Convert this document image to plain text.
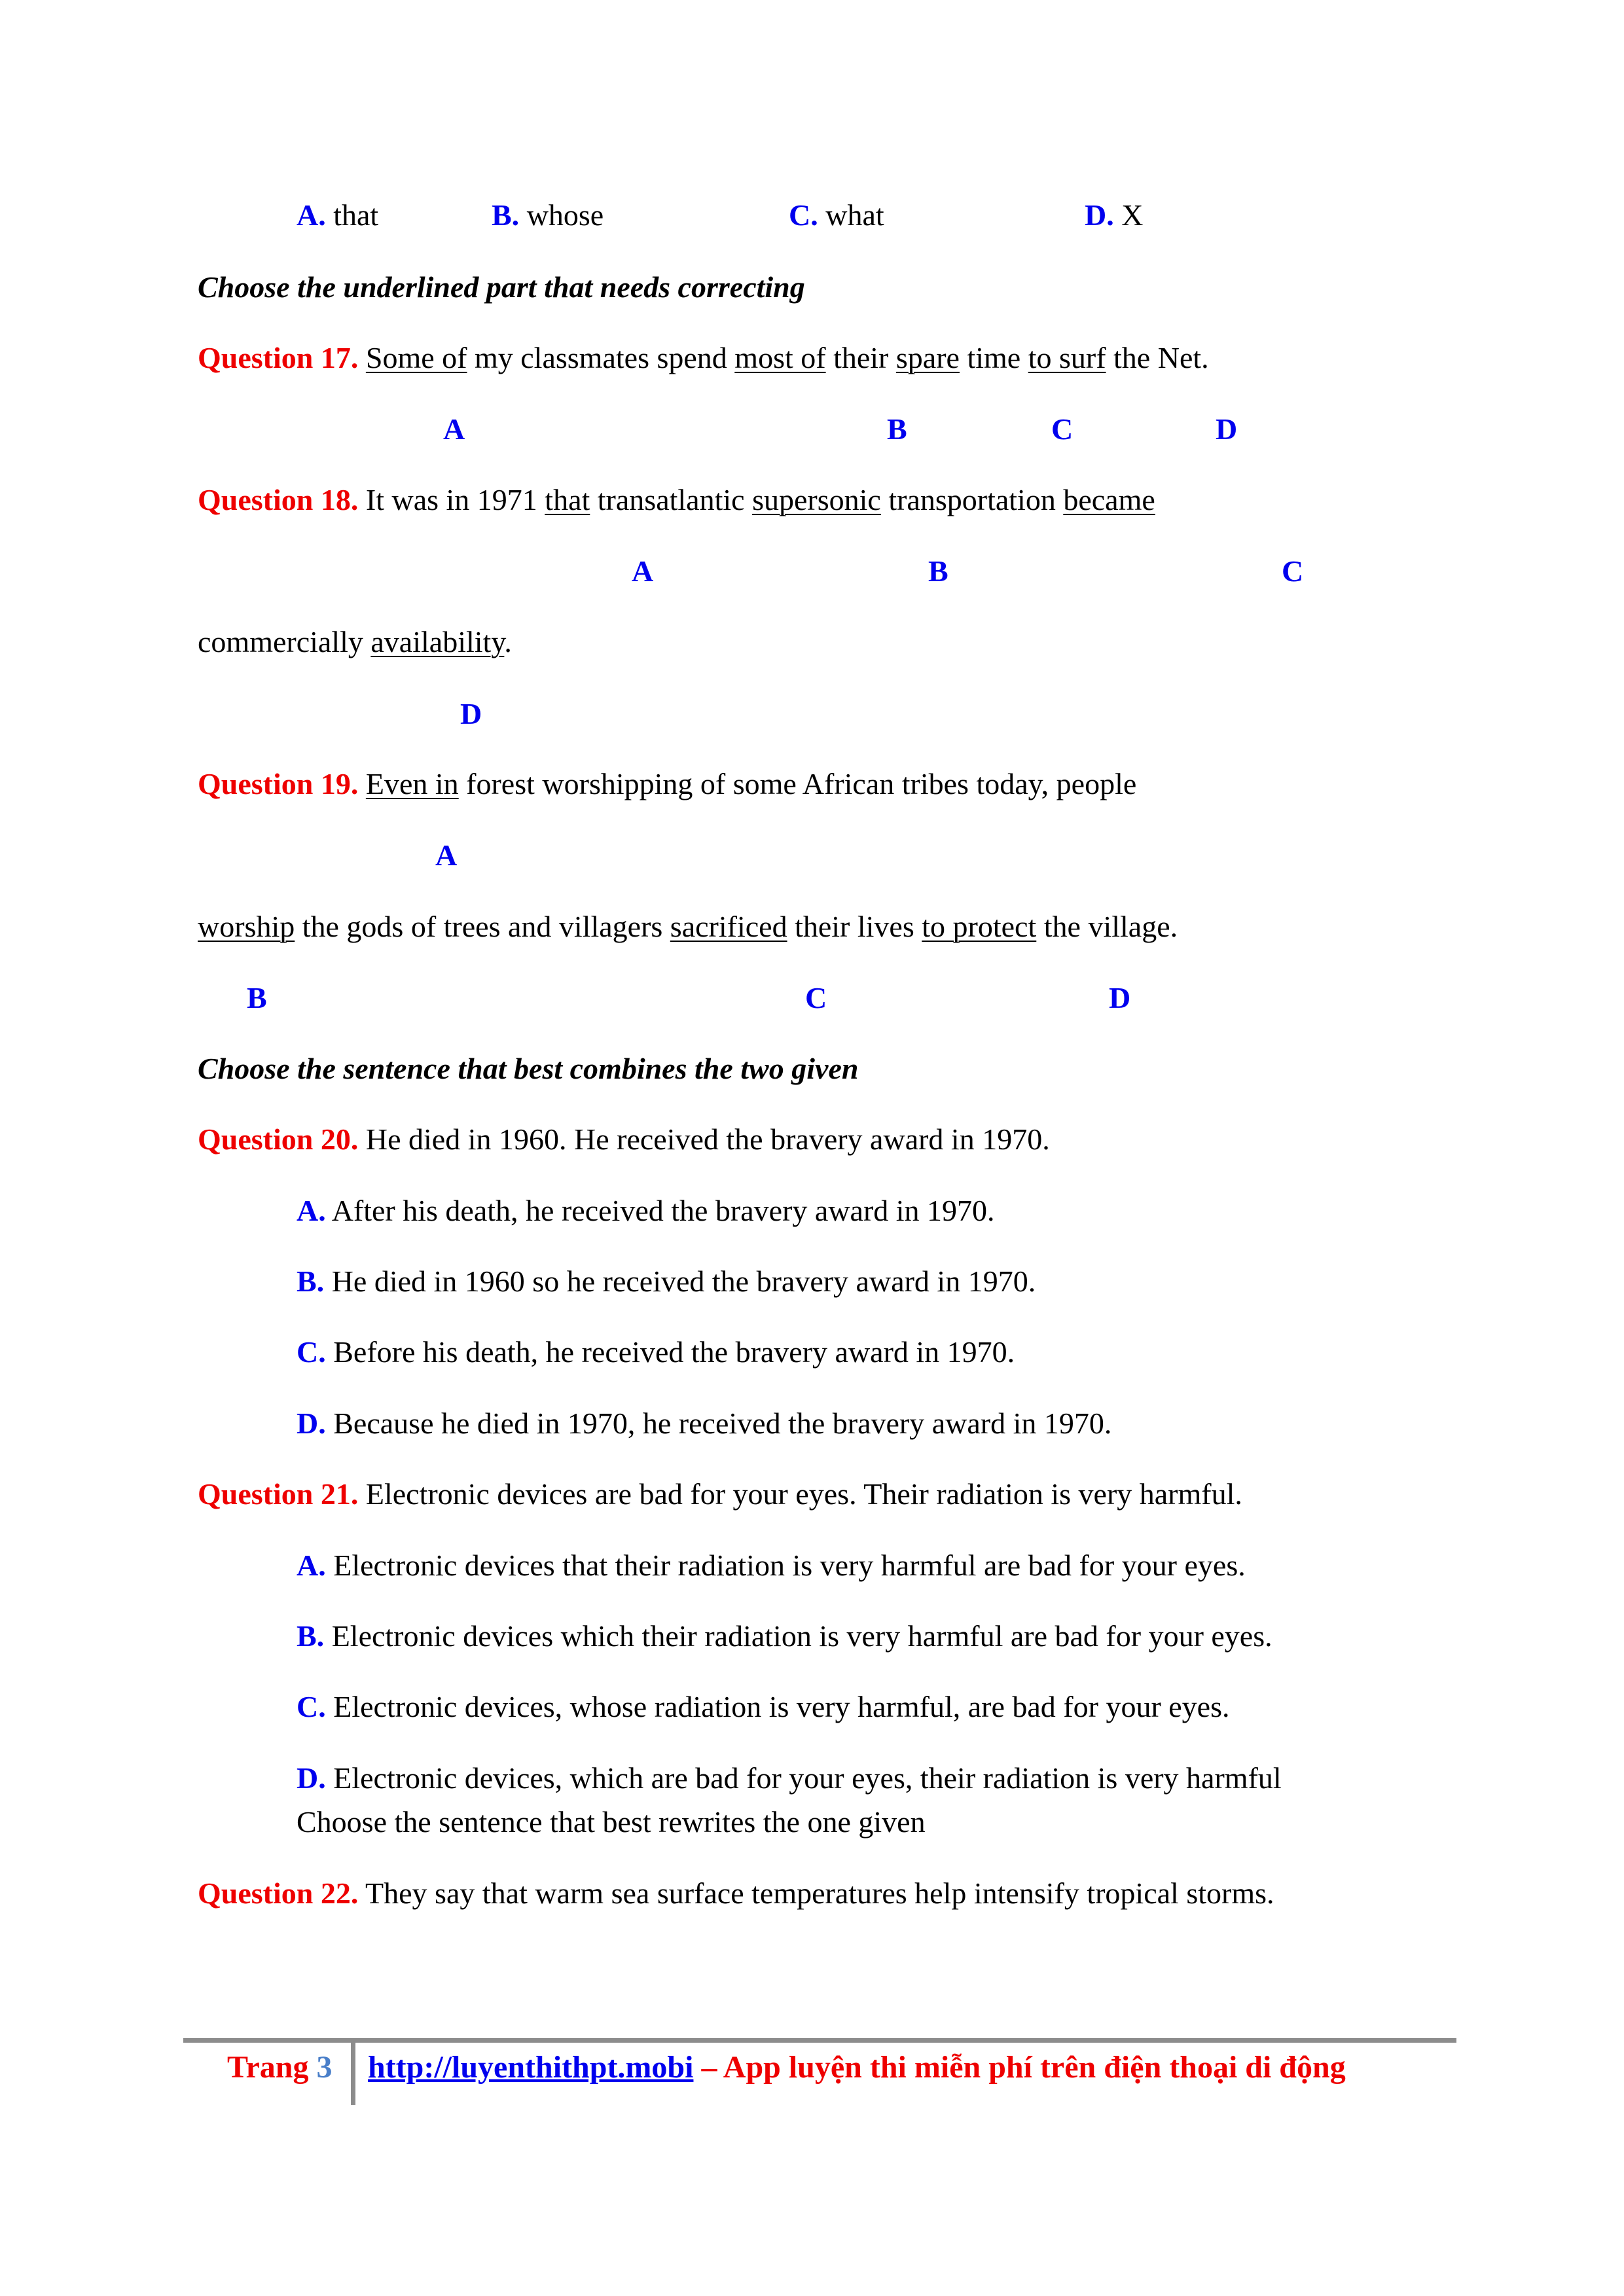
A. that	B. whose	C. what	D. X
Choose the underlined part that needs correcting
Question 17. Some of my classmates spend most of their spare time to surf the Net.
A	B	C	D
Question 18. It was in 1971 that transatlantic supersonic transportation became
A	B	C
commercially availability.
D
Question 19. Even in forest worshipping of some African tribes today, people
A
worship the gods of trees and villagers sacrificed their lives to protect the village.
B	C	D
Choose the sentence that best combines the two given
Question 20. He died in 1960. He received the bravery award in 1970.
A. After his death, he received the bravery award in 1970.
B. He died in 1960 so he received the bravery award in 1970.
C. Before his death, he received the bravery award in 1970.
D. Because he died in 1970, he received the bravery award in 1970.
Question 21. Electronic devices are bad for your eyes. Their radiation is very harmful.
A. Electronic devices that their radiation is very harmful are bad for your eyes.
B. Electronic devices which their radiation is very harmful are bad for your eyes.
C. Electronic devices, whose radiation is very harmful, are bad for your eyes.
D. Electronic devices, which are bad for your eyes, their radiation is very harmful
Choose the sentence that best rewrites the one given
Question 22. They say that warm sea surface temperatures help intensify tropical storms.
Trang 3 http://luyenthithpt.mobi – App luyện thi miễn phí trên điện thoại di động
